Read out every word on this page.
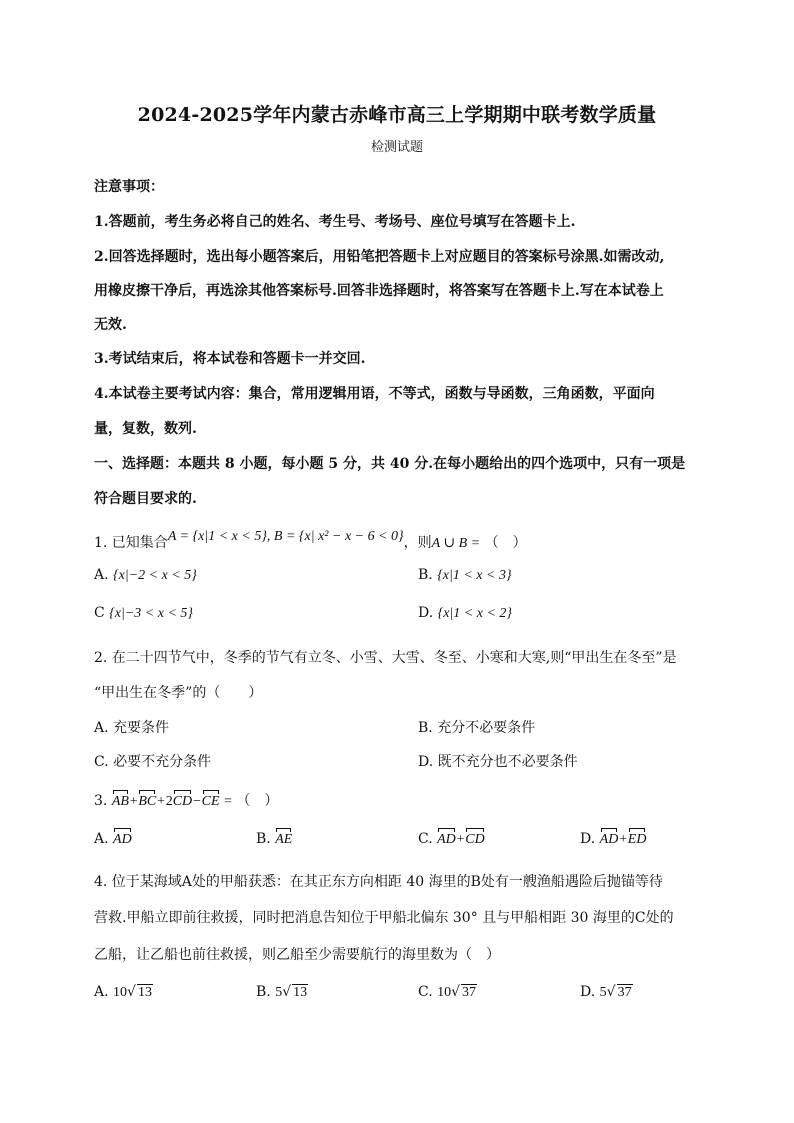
2024-2025学年内蒙古赤峰市高三上学期期中联考数学质量
检测试题
注意事项：
1.答题前，考生务必将自己的姓名、考生号、考场号、座位号填写在答题卡上.
2.回答选择题时，选出每小题答案后，用铅笔把答题卡上对应题目的答案标号涂黑.如需改动,
用橡皮擦干净后，再选涂其他答案标号.回答非选择题时，将答案写在答题卡上.写在本试卷上
无效.
3.考试结束后，将本试卷和答题卡一并交回.
4.本试卷主要考试内容：集合，常用逻辑用语，不等式，函数与导函数，三角函数，平面向
量，复数，数列.
一、选择题：本题共 8 小题，每小题 5 分，共 40 分.在每小题给出的四个选项中，只有一项是
符合题目要求的.
1. 已知集合A = {x|1 < x < 5}, B = {x| x² − x − 6 < 0}，则A ∪ B = （　）
A. {x|−2 < x < 5}	B. {x|1 < x < 3}
C {x|−3 < x < 5}	D. {x|1 < x < 2}
2. 在二十四节气中，冬季的节气有立冬、小雪、大雪、冬至、小寒和大寒,则“甲出生在冬至”是
“甲出生在冬季”的（　　）
A. 充要条件	B. 充分不必要条件
C. 必要不充分条件	D. 既不充分也不必要条件
3. AB+BC+2CD−CE = （　）
A. AD	B. AE	C. AD+CD	D. AD+ED
4. 位于某海域A处的甲船获悉：在其正东方向相距 40 海里的B处有一艘渔船遇险后抛锚等待
营救.甲船立即前往救援，同时把消息告知位于甲船北偏东 30° 且与甲船相距 30 海里的C处的
乙船，让乙船也前往救援，则乙船至少需要航行的海里数为（　）
A. 10√ 13	B. 5√ 13	C. 10√ 37	D. 5√ 37
